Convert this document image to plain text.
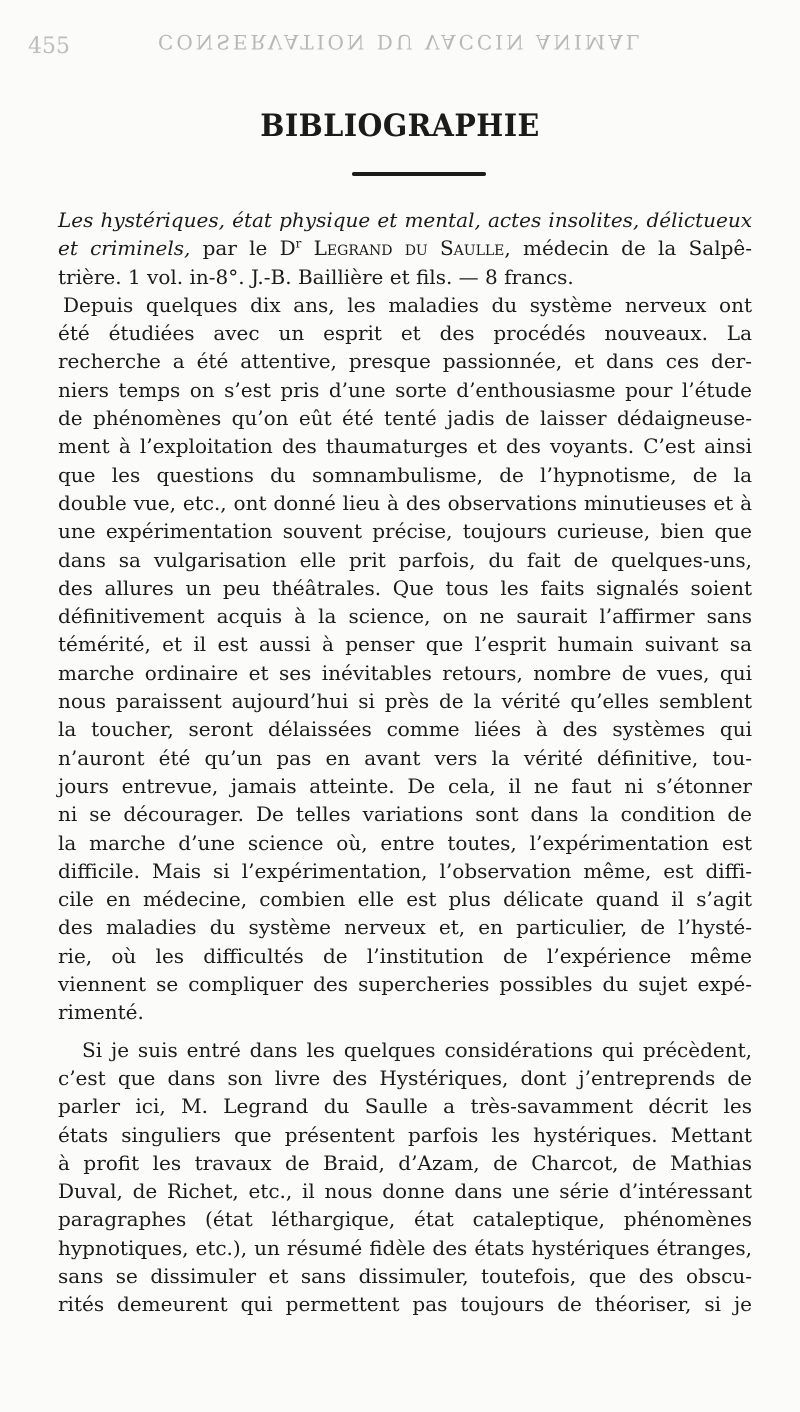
CONSERVATION DU VACCIN ANIMAL
455
BIBLIOGRAPHIE
Les hystériques, état physique et mental, actes insolites, délictueux
et criminels, par le $D^r$ Legrand du Saulle, médecin de la Salpê-
trière. 1 vol. in-8°. J.-B. Baillière et fils. — 8 francs.
Depuis quelques dix ans, les maladies du système nerveux ont
été étudiées avec un esprit et des procédés nouveaux. La
recherche a été attentive, presque passionnée, et dans ces der-
niers temps on s’est pris d’une sorte d’enthousiasme pour l’étude
de phénomènes qu’on eût été tenté jadis de laisser dédaigneuse-
ment à l’exploitation des thaumaturges et des voyants. C’est ainsi
que les questions du somnambulisme, de l’hypnotisme, de la
double vue, etc., ont donné lieu à des observations minutieuses et à
une expérimentation souvent précise, toujours curieuse, bien que
dans sa vulgarisation elle prit parfois, du fait de quelques-uns,
des allures un peu théâtrales. Que tous les faits signalés soient
définitivement acquis à la science, on ne saurait l’affirmer sans
témérité, et il est aussi à penser que l’esprit humain suivant sa
marche ordinaire et ses inévitables retours, nombre de vues, qui
nous paraissent aujourd’hui si près de la vérité qu’elles semblent
la toucher, seront délaissées comme liées à des systèmes qui
n’auront été qu’un pas en avant vers la vérité définitive, tou-
jours entrevue, jamais atteinte. De cela, il ne faut ni s’étonner
ni se décourager. De telles variations sont dans la condition de
la marche d’une science où, entre toutes, l’expérimentation est
difficile. Mais si l’expérimentation, l’observation même, est diffi-
cile en médecine, combien elle est plus délicate quand il s’agit
des maladies du système nerveux et, en particulier, de l’hysté-
rie, où les difficultés de l’institution de l’expérience même
viennent se compliquer des supercheries possibles du sujet expé-
rimenté.
Si je suis entré dans les quelques considérations qui précèdent,
c’est que dans son livre des Hystériques, dont j’entreprends de
parler ici, M. Legrand du Saulle a très-savamment décrit les
états singuliers que présentent parfois les hystériques. Mettant
à profit les travaux de Braid, d’Azam, de Charcot, de Mathias
Duval, de Richet, etc., il nous donne dans une série d’intéressant
paragraphes (état léthargique, état cataleptique, phénomènes
hypnotiques, etc.), un résumé fidèle des états hystériques étranges,
sans se dissimuler et sans dissimuler, toutefois, que des obscu-
rités demeurent qui permettent pas toujours de théoriser, si je
